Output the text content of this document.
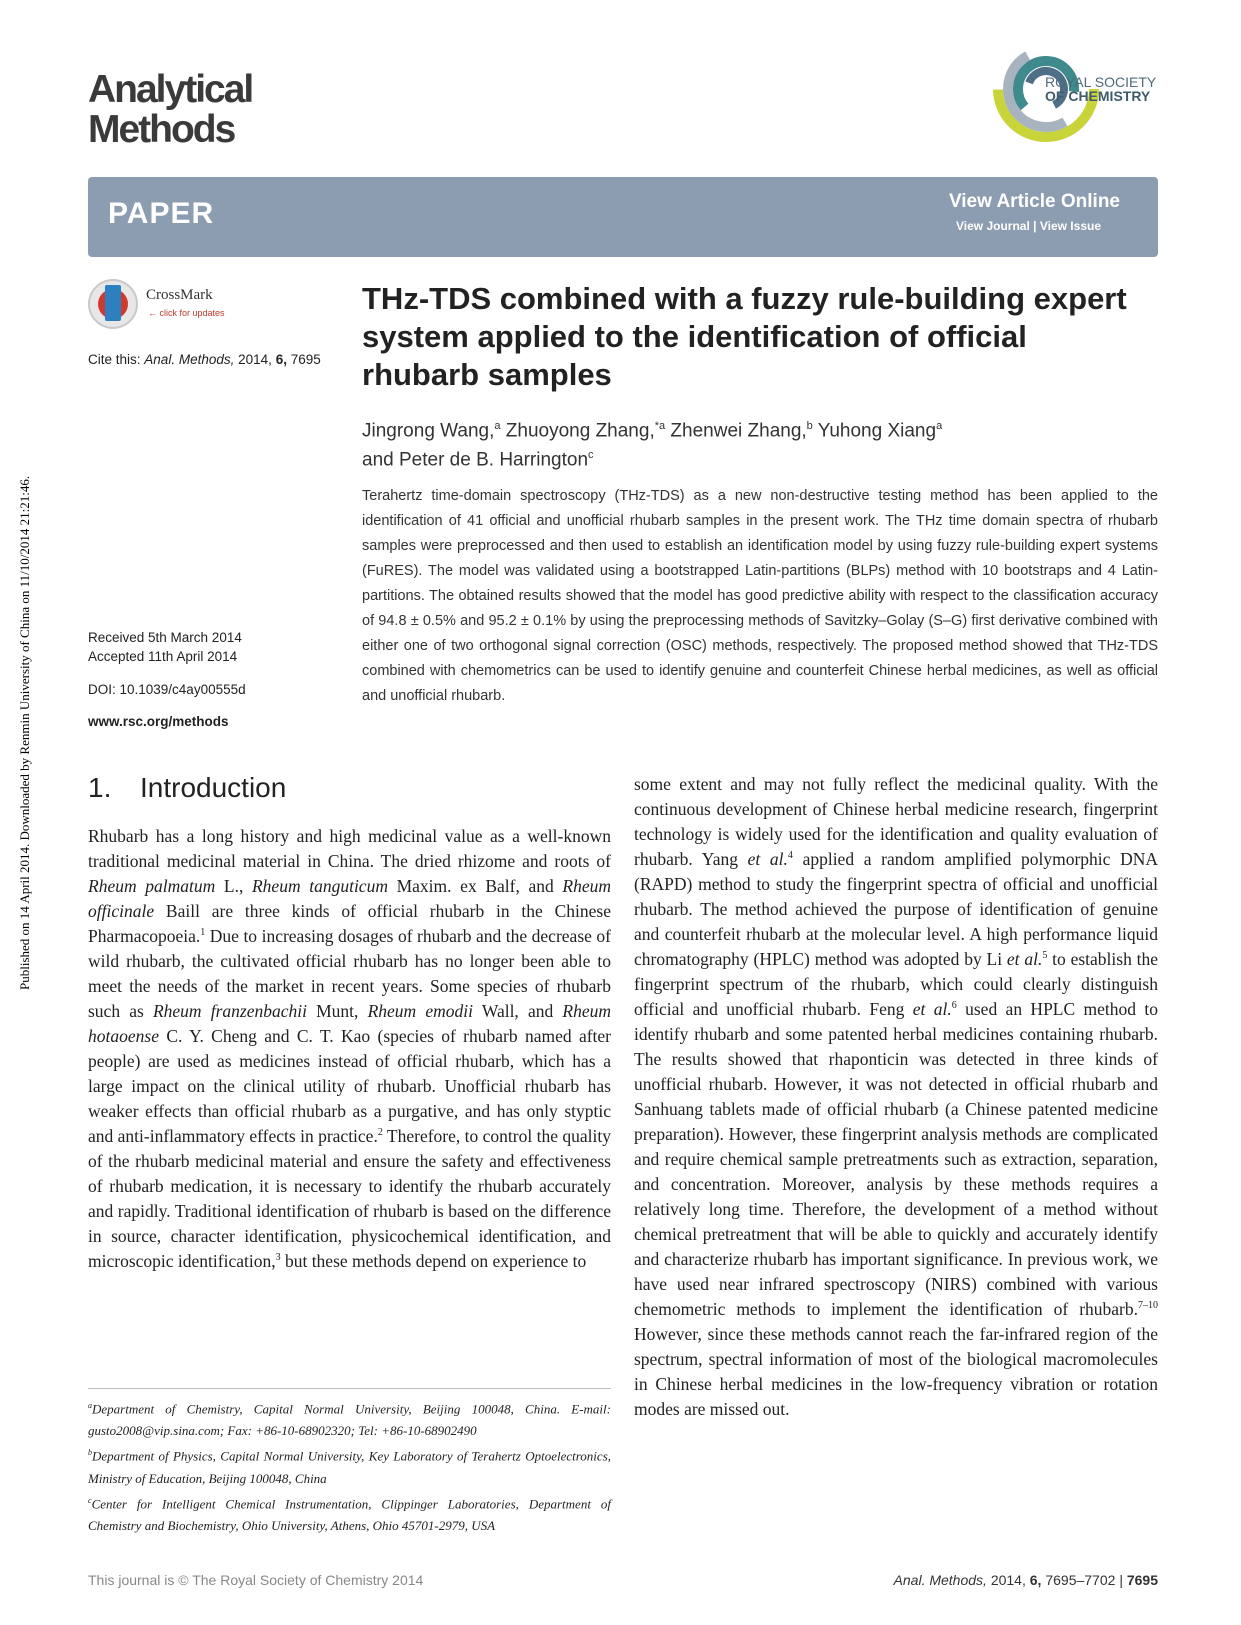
Published on 14 April 2014. Downloaded by Renmin University of China on 11/10/2014 21:21:46.
Analytical
Methods
ROYAL SOCIETY
OF CHEMISTRY
PAPER	View Article Online
View Journal | View Issue
CrossMark
← click for updates
Cite this: Anal. Methods, 2014, 6, 7695
Received 5th March 2014
Accepted 11th April 2014
DOI: 10.1039/c4ay00555d
www.rsc.org/methods
THz-TDS combined with a fuzzy rule-building expert system applied to the identification of official rhubarb samples
Jingrong Wang,$^a$ Zhuoyong Zhang,$^{*a}$ Zhenwei Zhang,$^b$ Yuhong Xiang$^a$
and Peter de B. Harrington$^c$
Terahertz time-domain spectroscopy (THz-TDS) as a new non-destructive testing method has been applied to the identification of 41 official and unofficial rhubarb samples in the present work. The THz time domain spectra of rhubarb samples were preprocessed and then used to establish an identification model by using fuzzy rule-building expert systems (FuRES). The model was validated using a bootstrapped Latin-partitions (BLPs) method with 10 bootstraps and 4 Latin-partitions. The obtained results showed that the model has good predictive ability with respect to the classification accuracy of 94.8 ± 0.5% and 95.2 ± 0.1% by using the preprocessing methods of Savitzky–Golay (S–G) first derivative combined with either one of two orthogonal signal correction (OSC) methods, respectively. The proposed method showed that THz-TDS combined with chemometrics can be used to identify genuine and counterfeit Chinese herbal medicines, as well as official and unofficial rhubarb.
1. Introduction

Rhubarb has a long history and high medicinal value as a well-known traditional medicinal material in China. The dried rhizome and roots of Rheum palmatum L., Rheum tanguticum Maxim. ex Balf, and Rheum officinale Baill are three kinds of official rhubarb in the Chinese Pharmacopoeia.$^1$ Due to increasing dosages of rhubarb and the decrease of wild rhubarb, the cultivated official rhubarb has no longer been able to meet the needs of the market in recent years. Some species of rhubarb such as Rheum franzenbachii Munt, Rheum emodii Wall, and Rheum hotaoense C. Y. Cheng and C. T. Kao (species of rhubarb named after people) are used as medicines instead of official rhubarb, which has a large impact on the clinical utility of rhubarb. Unofficial rhubarb has weaker effects than official rhubarb as a purgative, and has only styptic and anti-inflammatory effects in practice.$^2$ Therefore, to control the quality of the rhubarb medicinal material and ensure the safety and effectiveness of rhubarb medication, it is necessary to identify the rhubarb accurately and rapidly. Traditional identification of rhubarb is based on the difference in source, character identification, physicochemical identification, and microscopic identification,$^3$ but these methods depend on experience to

some extent and may not fully reflect the medicinal quality. With the continuous development of Chinese herbal medicine research, fingerprint technology is widely used for the identification and quality evaluation of rhubarb. Yang et al.$^4$ applied a random amplified polymorphic DNA (RAPD) method to study the fingerprint spectra of official and unofficial rhubarb. The method achieved the purpose of identification of genuine and counterfeit rhubarb at the molecular level. A high performance liquid chromatography (HPLC) method was adopted by Li et al.$^5$ to establish the fingerprint spectrum of the rhubarb, which could clearly distinguish official and unofficial rhubarb. Feng et al.$^6$ used an HPLC method to identify rhubarb and some patented herbal medicines containing rhubarb. The results showed that rhaponticin was detected in three kinds of unofficial rhubarb. However, it was not detected in official rhubarb and Sanhuang tablets made of official rhubarb (a Chinese patented medicine preparation). However, these fingerprint analysis methods are complicated and require chemical sample pretreatments such as extraction, separation, and concentration. Moreover, analysis by these methods requires a relatively long time. Therefore, the development of a method without chemical pretreatment that will be able to quickly and accurately identify and characterize rhubarb has important significance. In previous work, we have used near infrared spectroscopy (NIRS) combined with various chemometric methods to implement the identification of rhubarb.$^{7-10}$ However, since these methods cannot reach the far-infrared region of the spectrum, spectral information of most of the biological macromolecules in Chinese herbal medicines in the low-frequency vibration or rotation modes are missed out.

$^a$Department of Chemistry, Capital Normal University, Beijing 100048, China. E-mail: gusto2008@vip.sina.com; Fax: +86-10-68902320; Tel: +86-10-68902490

$^b$Department of Physics, Capital Normal University, Key Laboratory of Terahertz Optoelectronics, Ministry of Education, Beijing 100048, China

$^c$Center for Intelligent Chemical Instrumentation, Clippinger Laboratories, Department of Chemistry and Biochemistry, Ohio University, Athens, Ohio 45701-2979, USA

This journal is © The Royal Society of Chemistry 2014	Anal. Methods, 2014, 6, 7695–7702 | 7695
